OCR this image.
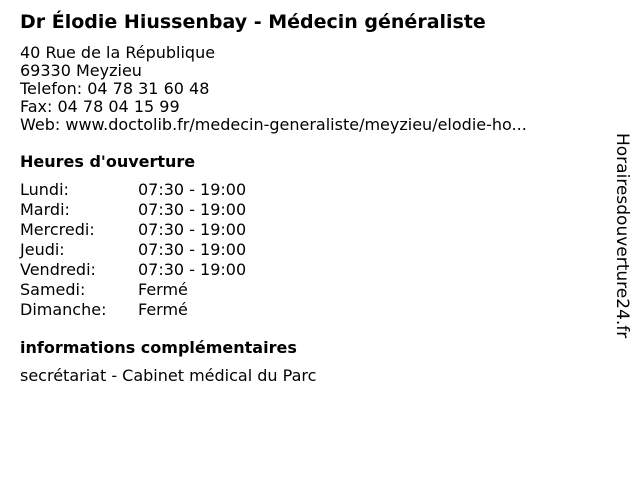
Dr Élodie Hiussenbay - Médecin généraliste
40 Rue de la République
69330 Meyzieu
Telefon: 04 78 31 60 48
Fax: 04 78 04 15 99
Web: www.doctolib.fr/medecin-generaliste/meyzieu/elodie-ho...
Heures d'ouverture
Lundi:	07:30 - 19:00
Mardi:	07:30 - 19:00
Mercredi:	07:30 - 19:00
Jeudi:	07:30 - 19:00
Vendredi:	07:30 - 19:00
Samedi:	Fermé
Dimanche:	Fermé
informations complémentaires
secrétariat - Cabinet médical du Parc
Horairesdouverture24.fr
